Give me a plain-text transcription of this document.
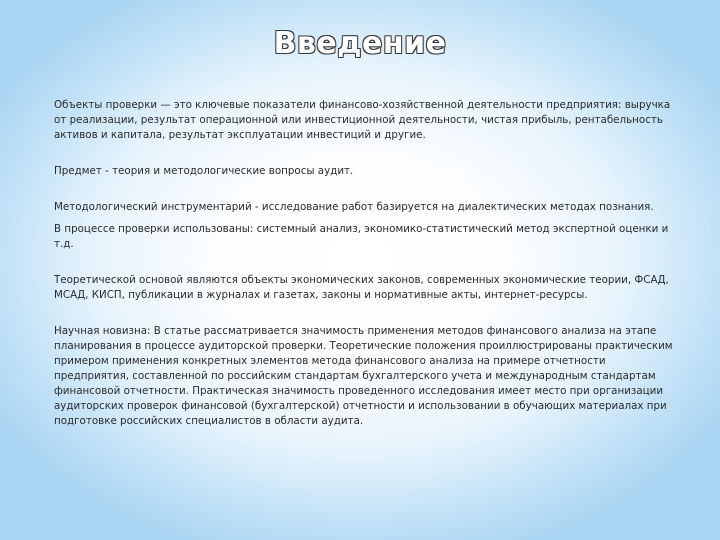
Введение

Объекты проверки — это ключевые показатели финансово-хозяйственной деятельности предприятия: выручка от реализации, результат операционной или инвестиционной деятельности, чистая прибыль, рентабельность активов и капитала, результат эксплуатации инвестиций и другие.

Предмет - теория и методологические вопросы аудит.

Методологический инструментарий - исследование работ базируется на диалектических методах познания.

В процессе проверки использованы: системный анализ, экономико-статистический метод экспертной оценки и т.д.

Теоретической основой являются объекты экономических законов, современных экономические теории, ФСАД, МСАД, КИСП, публикации в журналах и газетах, законы и нормативные акты, интернет-ресурсы.

Научная новизна: В статье рассматривается значимость применения методов финансового анализа на этапе планирования в процессе аудиторской проверки. Теоретические положения проиллюстрированы практическим примером применения конкретных элементов метода финансового анализа на примере отчетности предприятия, составленной по российским стандартам бухгалтерского учета и международным стандартам финансовой отчетности. Практическая значимость проведенного исследования имеет место при организации аудиторских проверок финансовой (бухгалтерской) отчетности и использовании в обучающих материалах при подготовке российских специалистов в области аудита.
